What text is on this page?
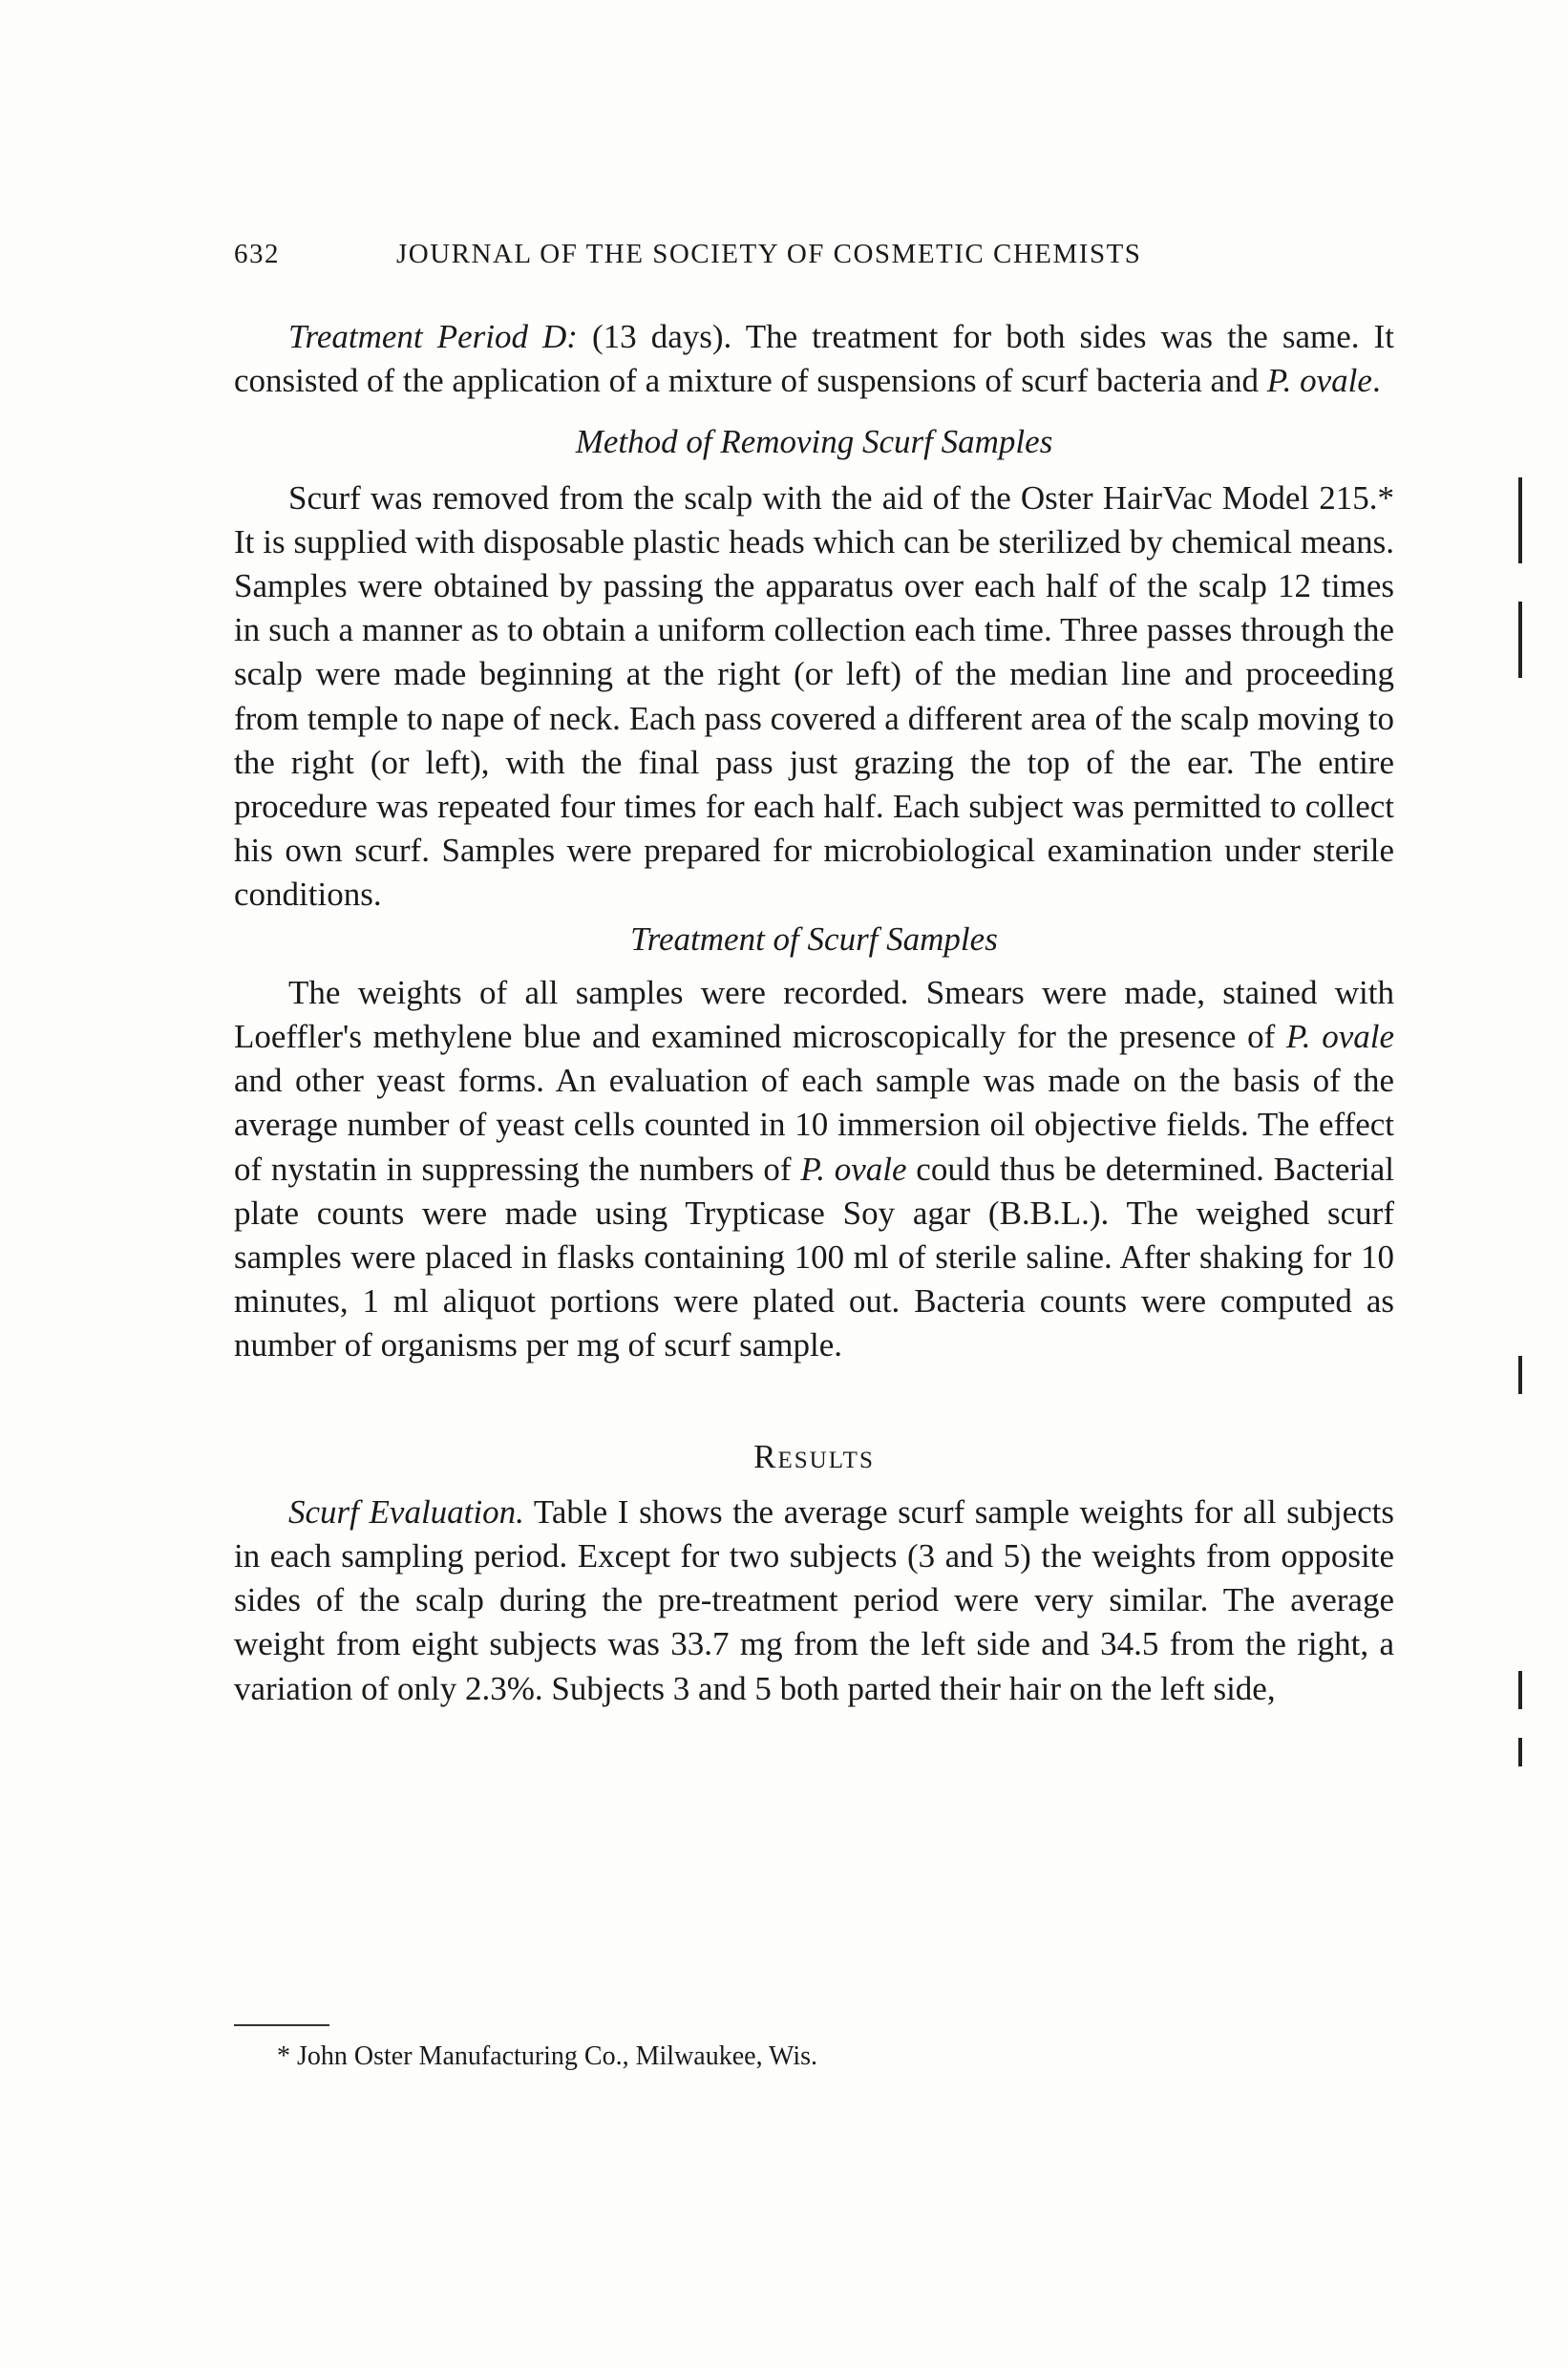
632	JOURNAL OF THE SOCIETY OF COSMETIC CHEMISTS

Treatment Period D: (13 days). The treatment for both sides was the same. It consisted of the application of a mixture of suspensions of scurf bacteria and P. ovale.

Method of Removing Scurf Samples

Scurf was removed from the scalp with the aid of the Oster HairVac Model 215.* It is supplied with disposable plastic heads which can be sterilized by chemical means. Samples were obtained by passing the apparatus over each half of the scalp 12 times in such a manner as to obtain a uniform collection each time. Three passes through the scalp were made beginning at the right (or left) of the median line and proceeding from temple to nape of neck. Each pass covered a different area of the scalp moving to the right (or left), with the final pass just grazing the top of the ear. The entire procedure was repeated four times for each half. Each subject was permitted to collect his own scurf. Samples were prepared for microbiological examination under sterile conditions.

Treatment of Scurf Samples

The weights of all samples were recorded. Smears were made, stained with Loeffler's methylene blue and examined microscopically for the presence of P. ovale and other yeast forms. An evaluation of each sample was made on the basis of the average number of yeast cells counted in 10 immersion oil objective fields. The effect of nystatin in suppressing the numbers of P. ovale could thus be determined. Bacterial plate counts were made using Trypticase Soy agar (B.B.L.). The weighed scurf samples were placed in flasks containing 100 ml of sterile saline. After shaking for 10 minutes, 1 ml aliquot portions were plated out. Bacteria counts were computed as number of organisms per mg of scurf sample.

Results

Scurf Evaluation. Table I shows the average scurf sample weights for all subjects in each sampling period. Except for two subjects (3 and 5) the weights from opposite sides of the scalp during the pre-treatment period were very similar. The average weight from eight subjects was 33.7 mg from the left side and 34.5 from the right, a variation of only 2.3%. Subjects 3 and 5 both parted their hair on the left side,

* John Oster Manufacturing Co., Milwaukee, Wis.
